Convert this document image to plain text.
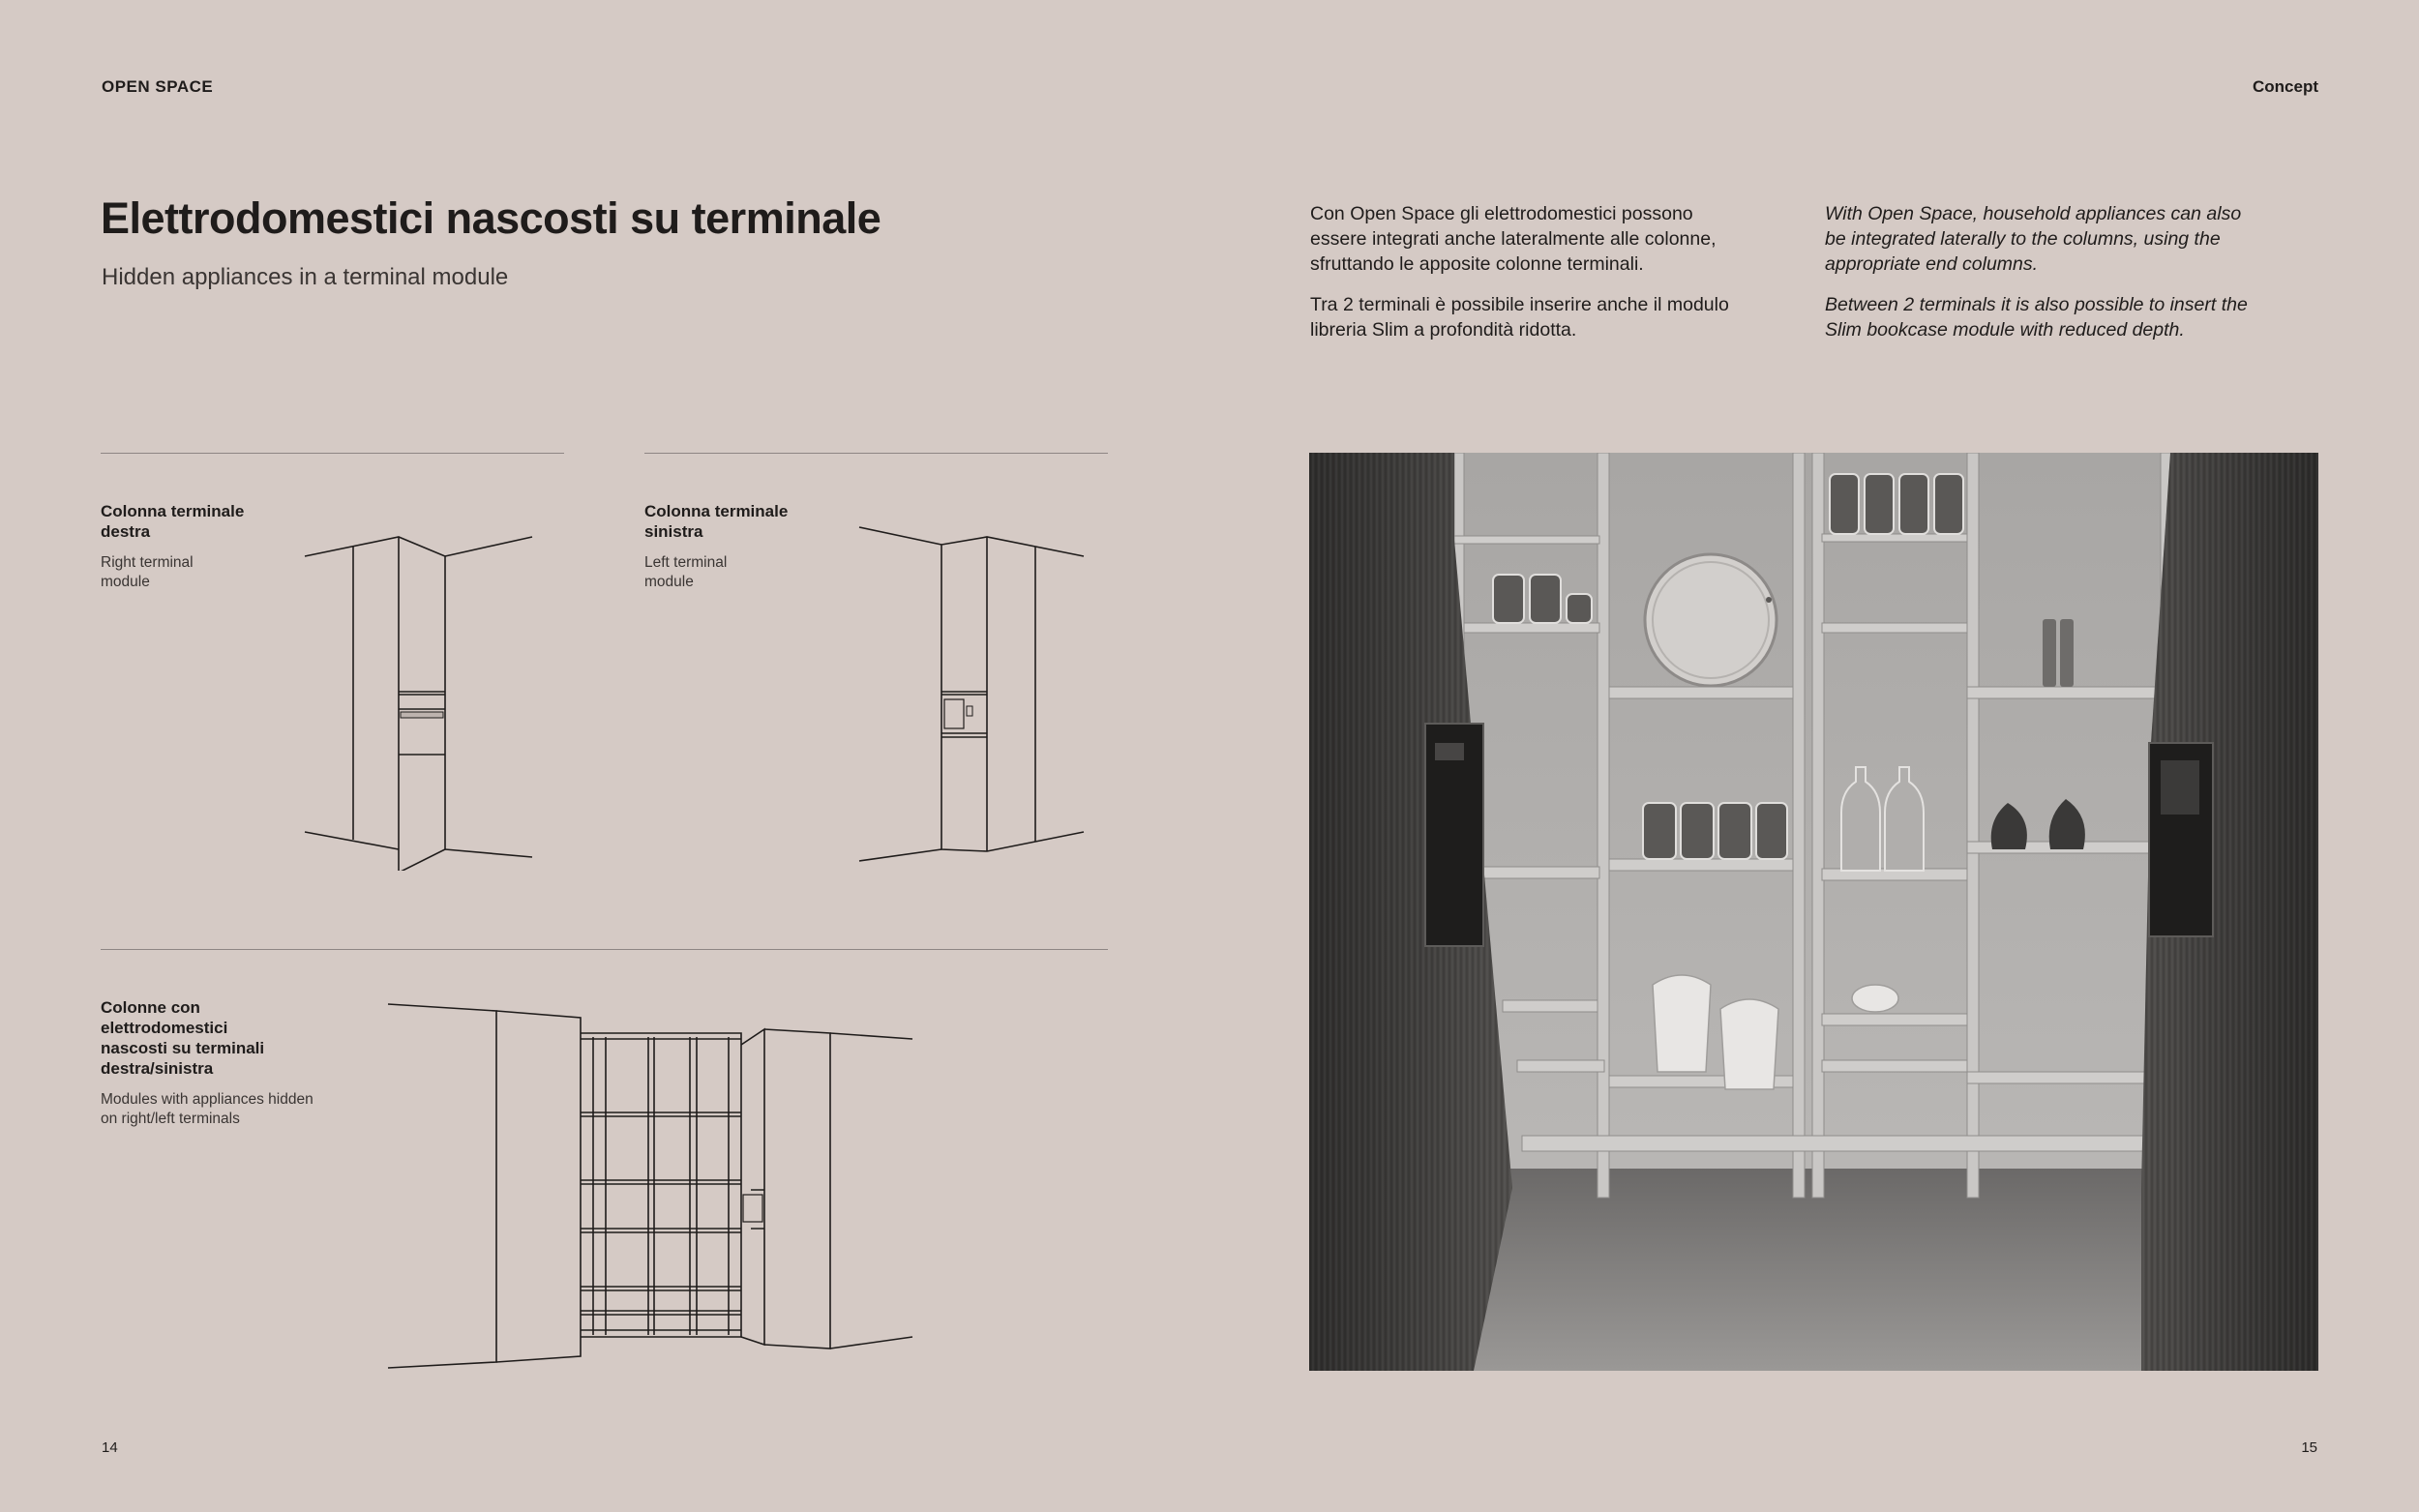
OPEN SPACE	Concept
Elettrodomestici nascosti su terminale
Hidden appliances in a terminal module

Con Open Space gli elettrodomestici possono essere integrati anche lateralmente alle colonne, sfruttando le apposite colonne terminali.

Tra 2 terminali è possibile inserire anche il modulo libreria Slim a profondità ridotta.

With Open Space, household appliances can also be integrated laterally to the columns, using the appropriate end columns.

Between 2 terminals it is also possible to insert the Slim bookcase module with reduced depth.

Colonna terminale destra
Right terminal module
Colonna terminale sinistra
Left terminal module
Colonne con elettrodomestici nascosti su terminali destra/sinistra
Modules with appliances hidden on right/left terminals
14	15
